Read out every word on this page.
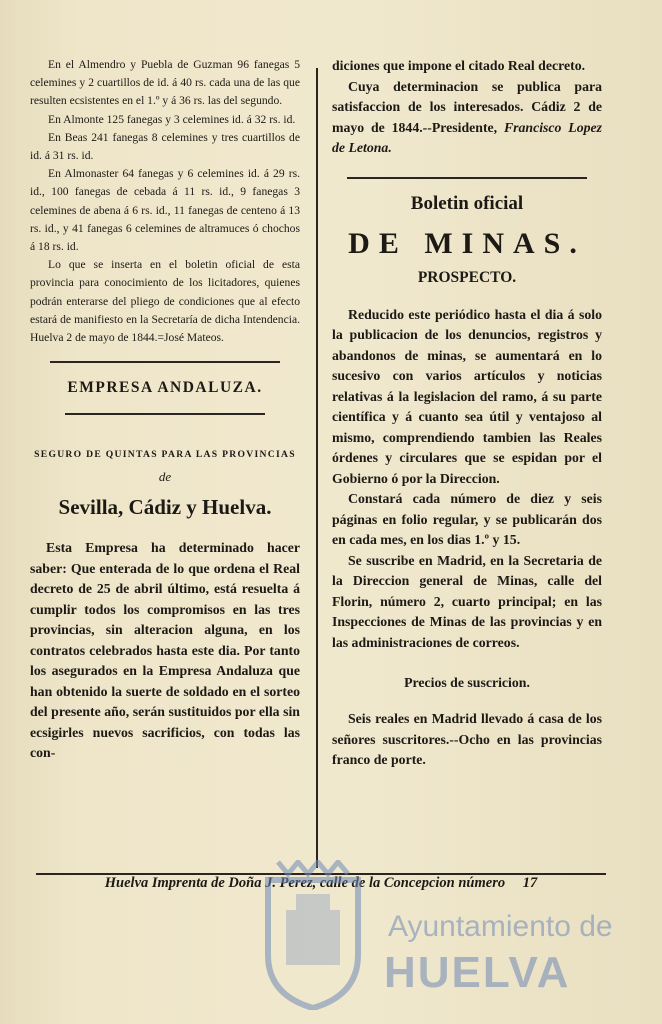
En el Almendro y Puebla de Guzman 96 fanegas 5 celemines y 2 cuartillos de id. á 40 rs. cada una de las que resulten ecsistentes en el 1.º y á 36 rs. las del segundo.

En Almonte 125 fanegas y 3 celemines id. á 32 rs. id.

En Beas 241 fanegas 8 celemines y tres cuartillos de id. á 31 rs. id.

En Almonaster 64 fanegas y 6 celemines id. á 29 rs. id., 100 fanegas de cebada á 11 rs. id., 9 fanegas 3 celemines de abena á 6 rs. id., 11 fanegas de centeno á 13 rs. id., y 41 fanegas 6 celemines de altramuces ó chochos á 18 rs. id.

Lo que se inserta en el boletin oficial de esta provincia para conocimiento de los licitadores, quienes podrán enterarse del pliego de condiciones que al efecto estará de manifiesto en la Secretaría de dicha Intendencia. Huelva 2 de mayo de 1844.=José Mateos.

EMPRESA ANDALUZA.
SEGURO DE QUINTAS PARA LAS PROVINCIAS
de
Sevilla, Cádiz y Huelva.

Esta Empresa ha determinado hacer saber: Que enterada de lo que ordena el Real decreto de 25 de abril último, está resuelta á cumplir todos los compromisos en las tres provincias, sin alteracion alguna, en los contratos celebrados hasta este dia. Por tanto los asegurados en la Empresa Andaluza que han obtenido la suerte de soldado en el sorteo del presente año, serán sustituidos por ella sin ecsigirles nuevos sacrificios, con todas las con-

diciones que impone el citado Real decreto.

Cuya determinacion se publica para satisfaccion de los interesados. Cádiz 2 de mayo de 1844.--Presidente, Francisco Lopez de Letona.

Boletin oficial
DE MINAS.
PROSPECTO.

Reducido este periódico hasta el dia á solo la publicacion de los denuncios, registros y abandonos de minas, se aumentará en lo sucesivo con varios artículos y noticias relativas á la legislacion del ramo, á su parte científica y á cuanto sea útil y ventajoso al mismo, comprendiendo tambien las Reales órdenes y circulares que se espidan por el Gobierno ó por la Direccion.

Constará cada número de diez y seis páginas en folio regular, y se publicarán dos en cada mes, en los dias 1.º y 15.

Se suscribe en Madrid, en la Secretaria de la Direccion general de Minas, calle del Florin, número 2, cuarto principal; en las Inspecciones de Minas de las provincias y en las administraciones de correos.

Precios de suscricion.

Seis reales en Madrid llevado á casa de los señores suscritores.--Ocho en las provincias franco de porte.

Huelva Imprenta de Doña J. Perez, calle de la Concepcion número 17
Ayuntamiento de
HUELVA
